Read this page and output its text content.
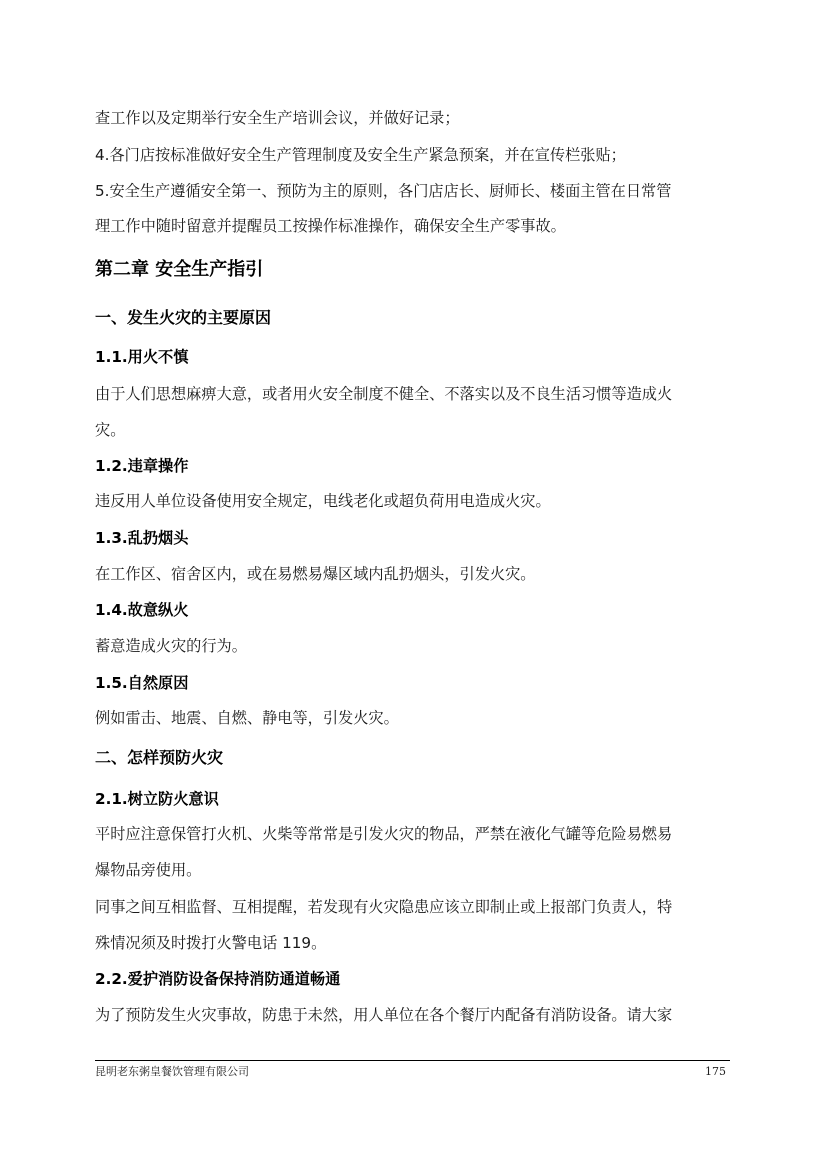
查工作以及定期举行安全生产培训会议，并做好记录；
4.各门店按标准做好安全生产管理制度及安全生产紧急预案，并在宣传栏张贴；
5.安全生产遵循安全第一、预防为主的原则，各门店店长、厨师长、楼面主管在日常管
理工作中随时留意并提醒员工按操作标准操作，确保安全生产零事故。
第二章 安全生产指引
一、发生火灾的主要原因
1.1.用火不慎
由于人们思想麻痹大意，或者用火安全制度不健全、不落实以及不良生活习惯等造成火
灾。
1.2.违章操作
违反用人单位设备使用安全规定，电线老化或超负荷用电造成火灾。
1.3.乱扔烟头
在工作区、宿舍区内，或在易燃易爆区域内乱扔烟头，引发火灾。
1.4.故意纵火
蓄意造成火灾的行为。
1.5.自然原因
例如雷击、地震、自燃、静电等，引发火灾。
二、怎样预防火灾
2.1.树立防火意识
平时应注意保管打火机、火柴等常常是引发火灾的物品，严禁在液化气罐等危险易燃易
爆物品旁使用。
同事之间互相监督、互相提醒，若发现有火灾隐患应该立即制止或上报部门负责人，特
殊情况须及时拨打火警电话 119。
2.2.爱护消防设备保持消防通道畅通
为了预防发生火灾事故，防患于未然，用人单位在各个餐厅内配备有消防设备。请大家
昆明老东粥皇餐饮管理有限公司	175
